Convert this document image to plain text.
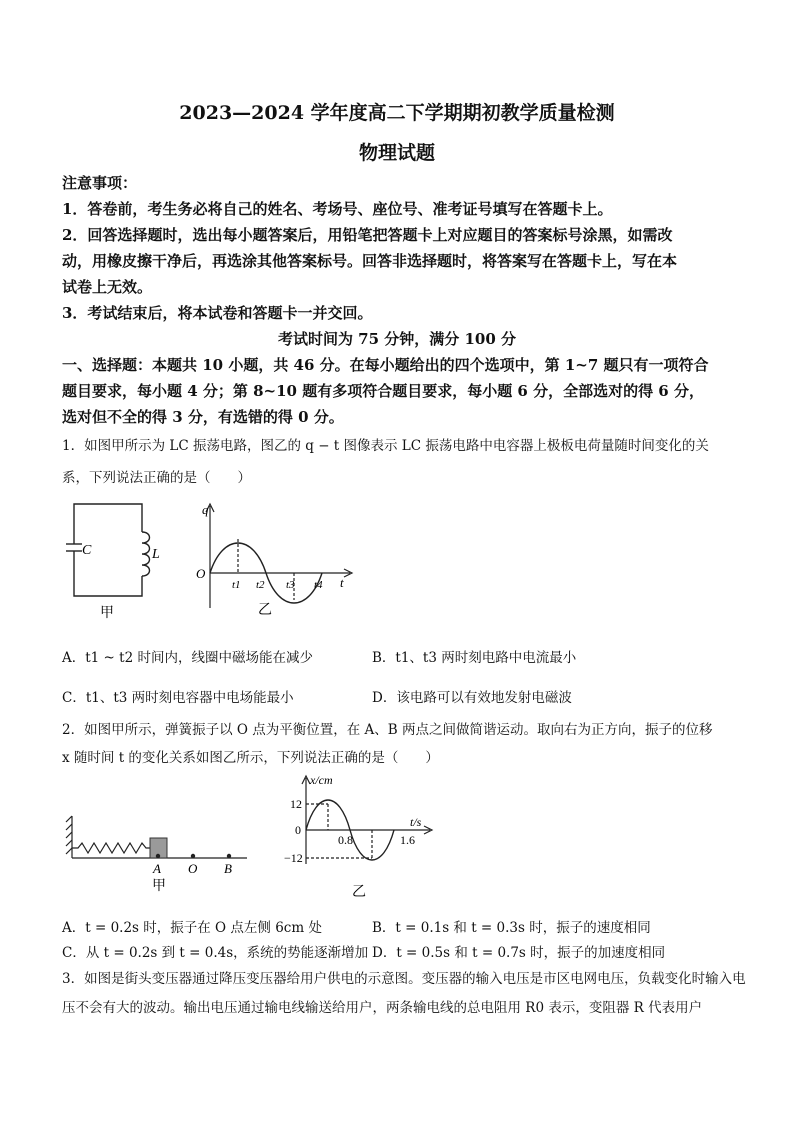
2023—2024 学年度高二下学期期初教学质量检测
物理试题
注意事项：
1．答卷前，考生务必将自己的姓名、考场号、座位号、准考证号填写在答题卡上。
2．回答选择题时，选出每小题答案后，用铅笔把答题卡上对应题目的答案标号涂黑，如需改
动，用橡皮擦干净后，再选涂其他答案标号。回答非选择题时，将答案写在答题卡上，写在本
试卷上无效。
3．考试结束后，将本试卷和答题卡一并交回。
考试时间为 75 分钟，满分 100 分
一、选择题：本题共 10 小题，共 46 分。在每小题给出的四个选项中，第 1~7 题只有一项符合
题目要求，每小题 4 分；第 8~10 题有多项符合题目要求，每小题 6 分，全部选对的得 6 分，
选对但不全的得 3 分，有选错的得 0 分。
1．如图甲所示为 LC 振荡电路，图乙的 q − t 图像表示 LC 振荡电路中电容器上极板电荷量随时间变化的关
系，下列说法正确的是（　　）
C	L
甲
q
t
O
t1 t2 t3 t4
乙
A．t1 ~ t2 时间内，线圈中磁场能在减少	B．t1、t3 两时刻电路中电流最小
C．t1、t3 两时刻电容器中电场能最小	D．该电路可以有效地发射电磁波
2．如图甲所示，弹簧振子以 O 点为平衡位置，在 A、B 两点之间做简谐运动。取向右为正方向，振子的位移
x 随时间 t 的变化关系如图乙所示，下列说法正确的是（　　）
A O B
甲
x/cm
t/s
12
0
−12
0.8	1.6
乙
A．t = 0.2s 时，振子在 O 点左侧 6cm 处	B．t = 0.1s 和 t = 0.3s 时，振子的速度相同
C．从 t = 0.2s 到 t = 0.4s，系统的势能逐渐增加 D．t = 0.5s 和 t = 0.7s 时，振子的加速度相同
3．如图是街头变压器通过降压变压器给用户供电的示意图。变压器的输入电压是市区电网电压，负载变化时输入电
压不会有大的波动。输出电压通过输电线输送给用户，两条输电线的总电阻用 R0 表示，变阻器 R 代表用户
